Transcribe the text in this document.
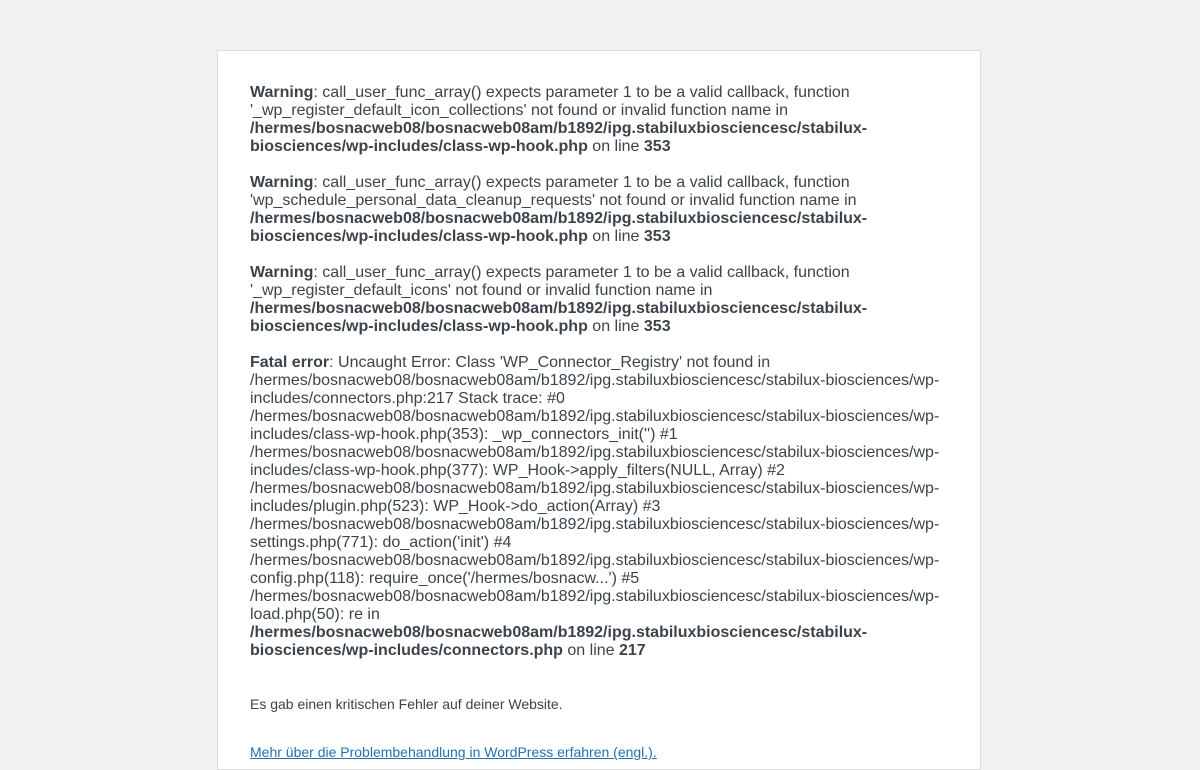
Warning: call_user_func_array() expects parameter 1 to be a valid callback, function '_wp_register_default_icon_collections' not found or invalid function name in /hermes/bosnacweb08/bosnacweb08am/b1892/ipg.stabiluxbiosciencesc/stabilux-biosciences/wp-includes/class-wp-hook.php on line 353

Warning: call_user_func_array() expects parameter 1 to be a valid callback, function 'wp_schedule_personal_data_cleanup_requests' not found or invalid function name in /hermes/bosnacweb08/bosnacweb08am/b1892/ipg.stabiluxbiosciencesc/stabilux-biosciences/wp-includes/class-wp-hook.php on line 353

Warning: call_user_func_array() expects parameter 1 to be a valid callback, function '_wp_register_default_icons' not found or invalid function name in /hermes/bosnacweb08/bosnacweb08am/b1892/ipg.stabiluxbiosciencesc/stabilux-biosciences/wp-includes/class-wp-hook.php on line 353

Fatal error: Uncaught Error: Class 'WP_Connector_Registry' not found in /hermes/bosnacweb08/bosnacweb08am/b1892/ipg.stabiluxbiosciencesc/stabilux-biosciences/wp-includes/connectors.php:217 Stack trace: #0 /hermes/bosnacweb08/bosnacweb08am/b1892/ipg.stabiluxbiosciencesc/stabilux-biosciences/wp-includes/class-wp-hook.php(353): _wp_connectors_init('') #1 /hermes/bosnacweb08/bosnacweb08am/b1892/ipg.stabiluxbiosciencesc/stabilux-biosciences/wp-includes/class-wp-hook.php(377): WP_Hook->apply_filters(NULL, Array) #2 /hermes/bosnacweb08/bosnacweb08am/b1892/ipg.stabiluxbiosciencesc/stabilux-biosciences/wp-includes/plugin.php(523): WP_Hook->do_action(Array) #3 /hermes/bosnacweb08/bosnacweb08am/b1892/ipg.stabiluxbiosciencesc/stabilux-biosciences/wp-settings.php(771): do_action('init') #4 /hermes/bosnacweb08/bosnacweb08am/b1892/ipg.stabiluxbiosciencesc/stabilux-biosciences/wp-config.php(118): require_once('/hermes/bosnacw...') #5 /hermes/bosnacweb08/bosnacweb08am/b1892/ipg.stabiluxbiosciencesc/stabilux-biosciences/wp-load.php(50): re in /hermes/bosnacweb08/bosnacweb08am/b1892/ipg.stabiluxbiosciencesc/stabilux-biosciences/wp-includes/connectors.php on line 217

Es gab einen kritischen Fehler auf deiner Website.

Mehr über die Problembehandlung in WordPress erfahren (engl.).
